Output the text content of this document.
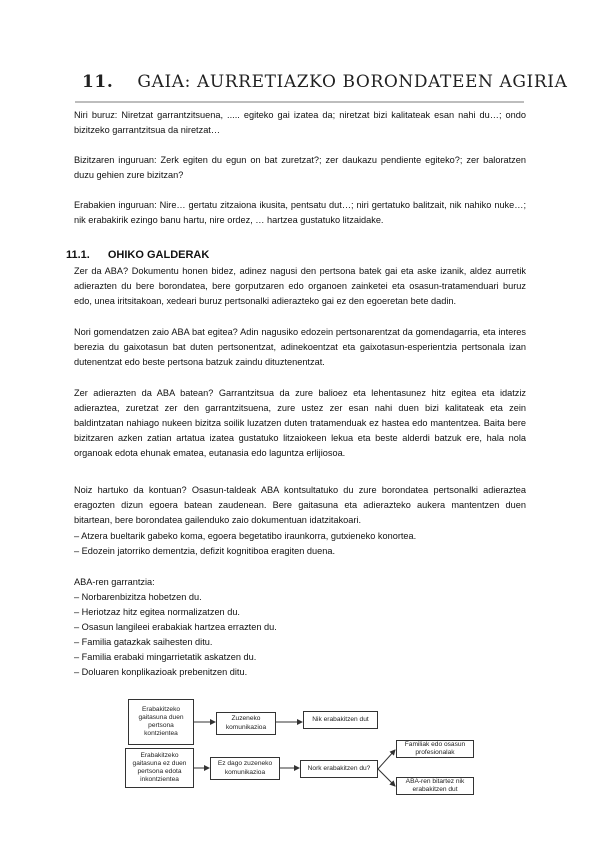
11. GAIA: AURRETIAZKO BORONDATEEN AGIRIA
Niri buruz: Niretzat garrantzitsuena, ..... egiteko gai izatea da; niretzat bizi kalitateak esan nahi du…; ondo bizitzeko garrantzitsua da niretzat…
Bizitzaren inguruan: Zerk egiten du egun on bat zuretzat?; zer daukazu pendiente egiteko?; zer baloratzen duzu gehien zure bizitzan?
Erabakien inguruan: Nire… gertatu zitzaiona ikusita, pentsatu dut…; niri gertatuko balitzait, nik nahiko nuke…; nik erabakirik ezingo banu hartu, nire ordez, … hartzea gustatuko litzaidake.
11.1. OHIKO GALDERAK
Zer da ABA? Dokumentu honen bidez, adinez nagusi den pertsona batek gai eta aske izanik, aldez aurretik adierazten du bere borondatea, bere gorputzaren edo organoen zainketei eta osasun-tratamenduari buruz edo, unea iritsitakoan, xedeari buruz pertsonalki adierazteko gai ez den egoeretan bete dadin.
Nori gomendatzen zaio ABA bat egitea? Adin nagusiko edozein pertsonarentzat da gomendagarria, eta interes berezia du gaixotasun bat duten pertsonentzat, adinekoentzat eta gaixotasun-esperientzia pertsonala izan dutenentzat edo beste pertsona batzuk zaindu dituztenentzat.
Zer adierazten da ABA batean? Garrantzitsua da zure balioez eta lehentasunez hitz egitea eta idatziz adieraztea, zuretzat zer den garrantzitsuena, zure ustez zer esan nahi duen bizi kalitateak eta zein baldintzatan nahiago nukeen bizitza soilik luzatzen duten tratamenduak ez hastea edo mantentzea. Baita bere bizitzaren azken zatian artatua izatea gustatuko litzaiokeen lekua eta beste alderdi batzuk ere, hala nola organoak edota ehunak ematea, eutanasia edo laguntza erlijiosoa.
Noiz hartuko da kontuan? Osasun-taldeak ABA kontsultatuko du zure borondatea pertsonalki adieraztea eragozten dizun egoera batean zaudenean. Bere gaitasuna eta adierazteko aukera mantentzen duen bitartean, bere borondatea gailenduko zaio dokumentuan idatzitakoari.
– Atzera bueltarik gabeko koma, egoera begetatibo iraunkorra, gutxieneko konortea.
– Edozein jatorriko dementzia, defizit kognitiboa eragiten duena.
ABA-ren garrantzia:
– Norbarenbizitza hobetzen du.
– Heriotzaz hitz egitea normalizatzen du.
– Osasun langileei erabakiak hartzea errazten du.
– Familia gatazkak saihesten ditu.
– Familia erabaki mingarrietatik askatzen du.
– Doluaren konplikazioak prebenitzen ditu.
Erabakitzeko gaitasuna duen pertsona kontzientea
Zuzeneko komunikazioa
Nik erabakitzen dut
Erabakitzeko gaitasuna ez duen pertsona edota inkontzientea
Ez dago zuzeneko komunikazioa
Nork erabakitzen du?
Familiak edo osasun profesionalak
ABA-ren bitartez nik erabakitzen dut
